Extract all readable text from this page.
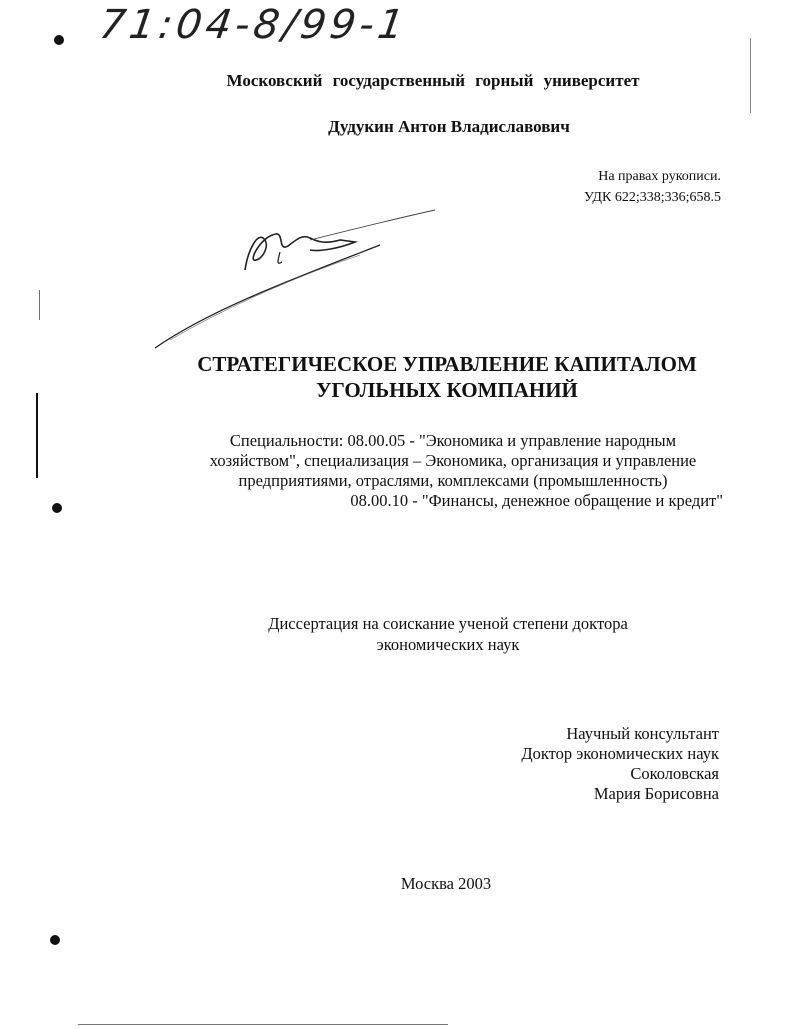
71:04-8/99-1
Московский государственный горный университет
Дудукин Антон Владиславович
На правах рукописи.
УДК 622;338;336;658.5
СТРАТЕГИЧЕСКОЕ УПРАВЛЕНИЕ КАПИТАЛОМ
УГОЛЬНЫХ КОМПАНИЙ
Специальности: 08.00.05 - "Экономика и управление народным
хозяйством", специализация – Экономика, организация и управление
предприятиями, отраслями, комплексами (промышленность)
08.00.10 - "Финансы, денежное обращение и кредит"
Диссертация на соискание ученой степени доктора
экономических наук
Научный консультант
Доктор экономических наук
Соколовская
Мария Борисовна
Москва 2003
